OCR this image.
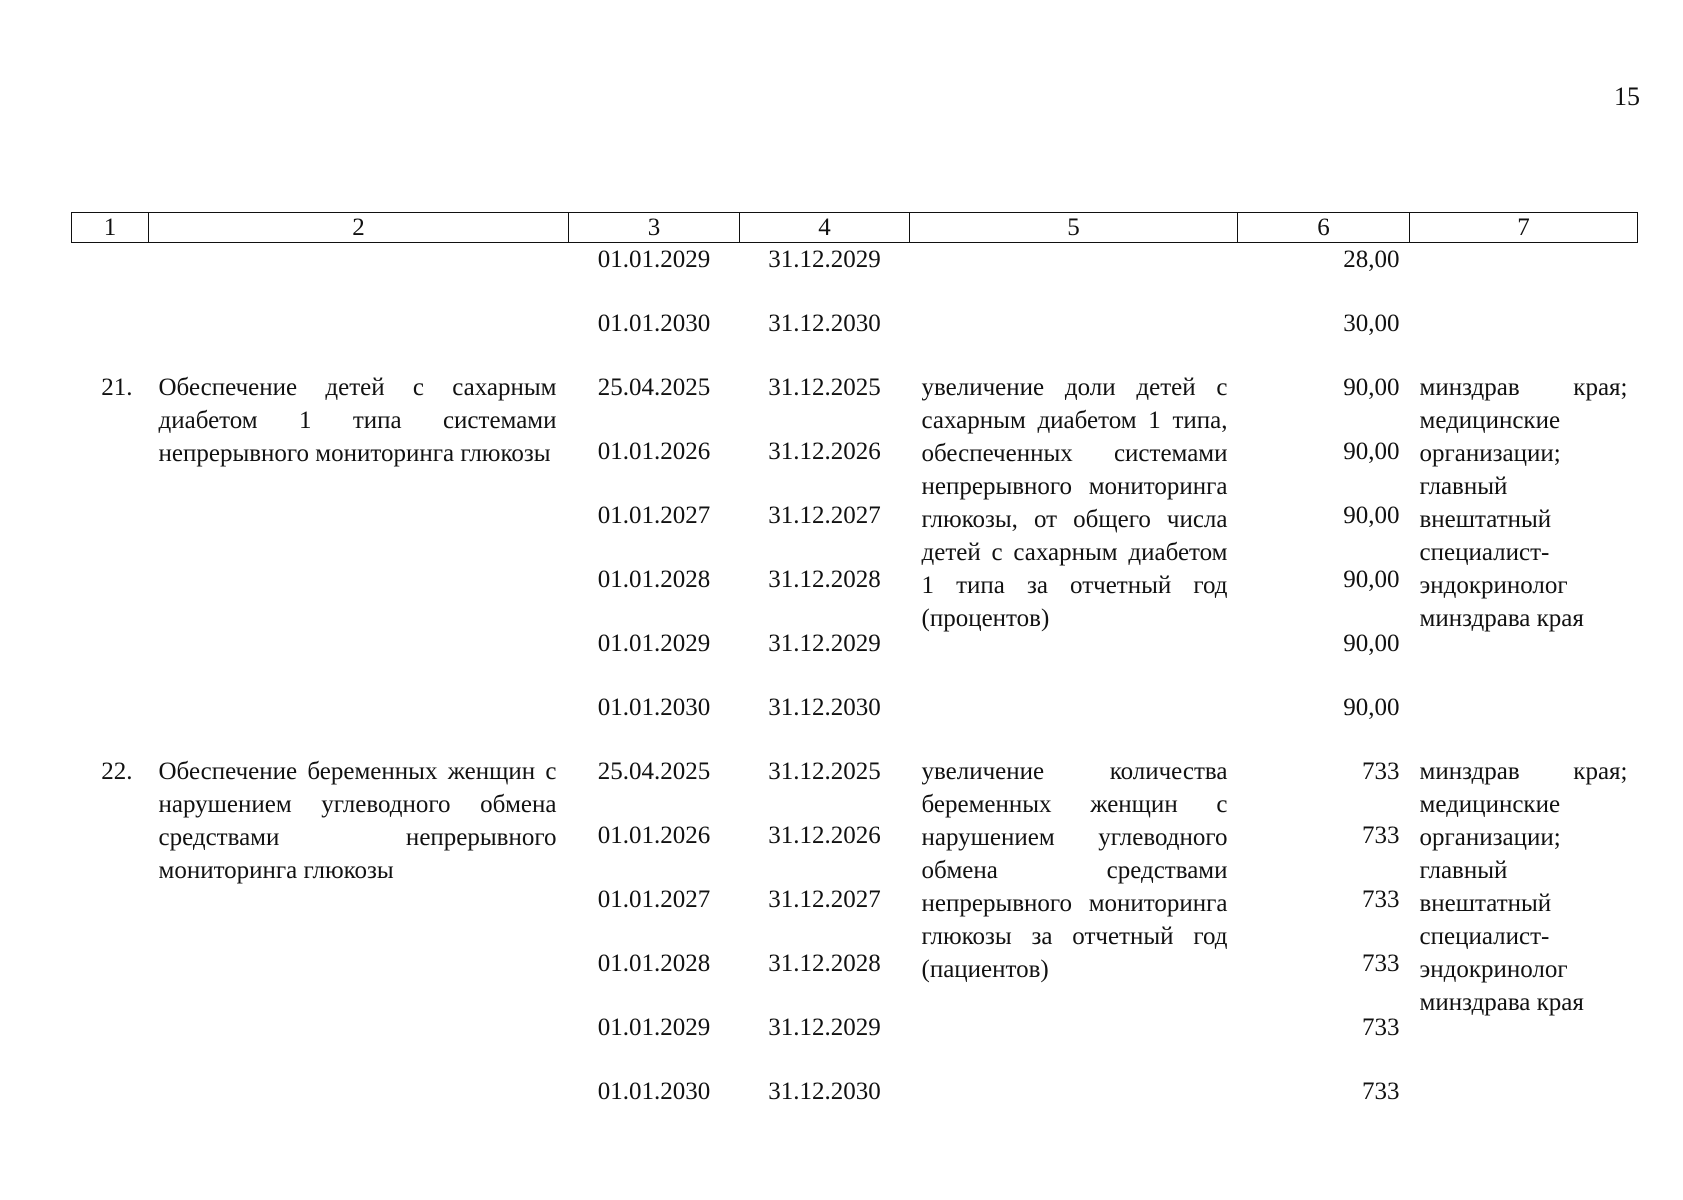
15
1	2	3	4	5	6	7
		01.01.2029	31.12.2029		28,00	
		01.01.2030	31.12.2030		30,00	
21.	Обеспечение детей с сахарным диабетом 1 типа системами непрерывного мониторинга глюкозы	25.04.2025	31.12.2025	увеличение доли детей с сахарным диабетом 1 типа, обеспеченных системами непрерывного мониторинга глюкозы, от общего числа детей с сахарным диабетом 1 типа за отчетный год (процентов)	90,00	минздрав края; медицинские организации; главный внештатный специалист-эндокринолог минздрава края
		01.01.2026	31.12.2026		90,00	
		01.01.2027	31.12.2027		90,00	
		01.01.2028	31.12.2028		90,00	
		01.01.2029	31.12.2029		90,00	
		01.01.2030	31.12.2030		90,00	
22.	Обеспечение беременных женщин с нарушением углеводного обмена средствами непрерывного мониторинга глюкозы	25.04.2025	31.12.2025	увеличение количества беременных женщин с нарушением углеводного обмена средствами непрерывного мониторинга глюкозы за отчетный год (пациентов)	733	минздрав края; медицинские организации; главный внештатный специалист-эндокринолог минздрава края
		01.01.2026	31.12.2026		733	
		01.01.2027	31.12.2027		733	
		01.01.2028	31.12.2028		733	
		01.01.2029	31.12.2029		733	
		01.01.2030	31.12.2030		733	
